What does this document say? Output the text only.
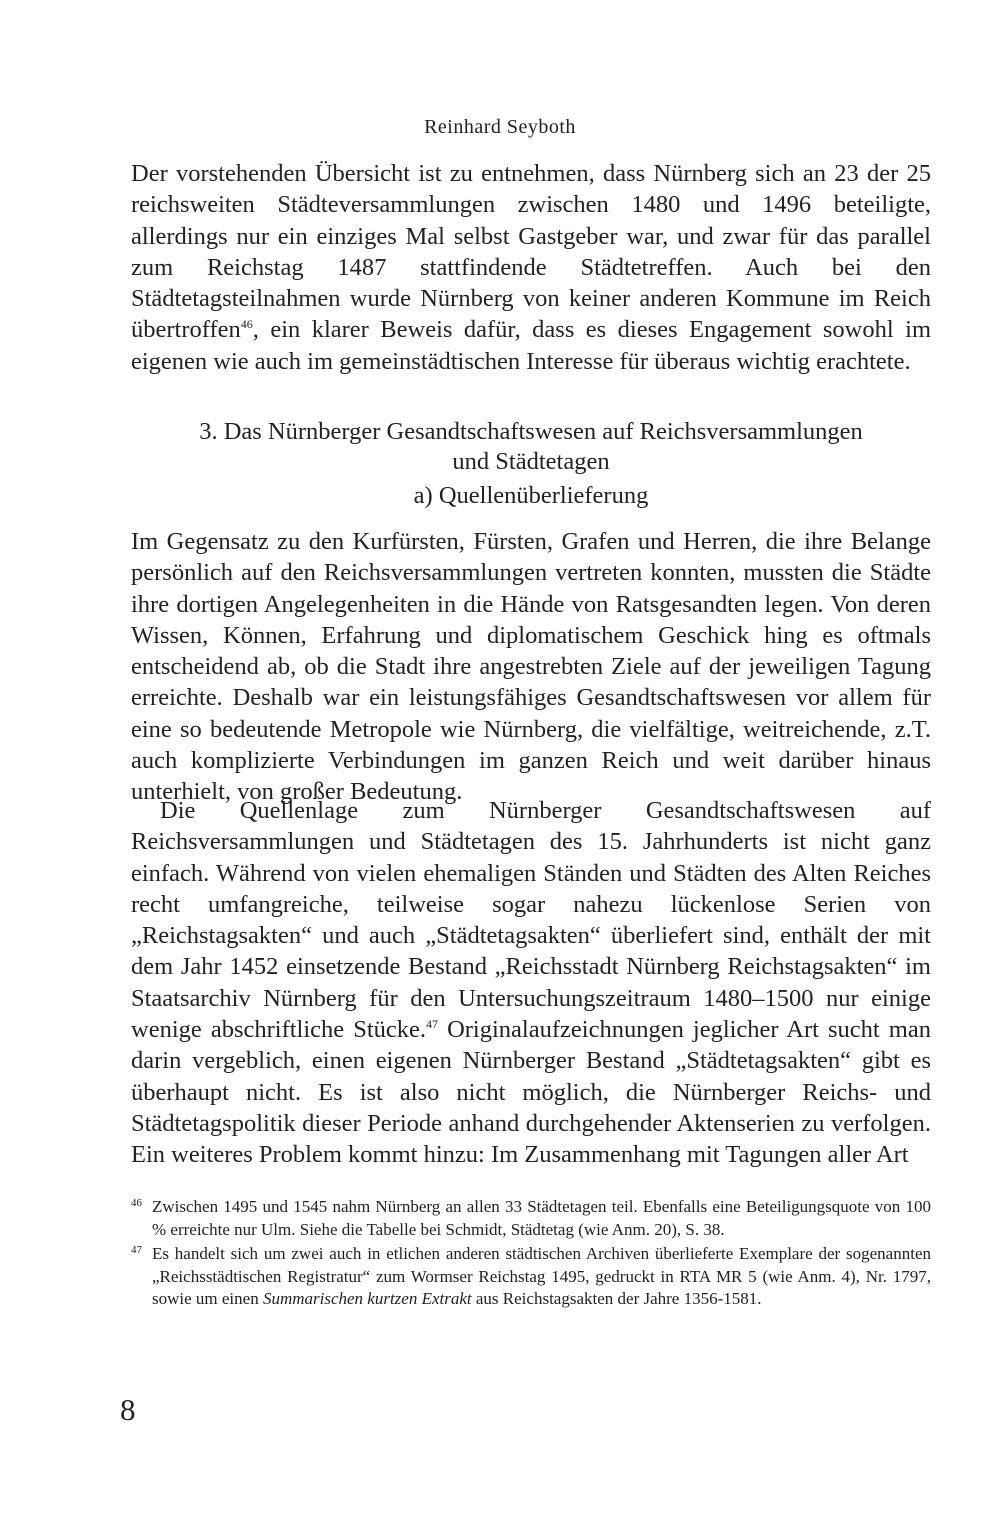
Reinhard Seyboth

Der vorstehenden Übersicht ist zu entnehmen, dass Nürnberg sich an 23 der 25 reichsweiten Städteversammlungen zwischen 1480 und 1496 beteiligte, allerdings nur ein einziges Mal selbst Gastgeber war, und zwar für das parallel zum Reichstag 1487 stattfindende Städtetreffen. Auch bei den Städtetagsteilnahmen wurde Nürnberg von keiner anderen Kommune im Reich übertroffen$^{46}$, ein klarer Beweis dafür, dass es dieses Engagement sowohl im eigenen wie auch im gemeinstädtischen Interesse für überaus wichtig erachtete.

3. Das Nürnberger Gesandtschaftswesen auf Reichsversammlungen
und Städtetagen
a) Quellenüberlieferung

Im Gegensatz zu den Kurfürsten, Fürsten, Grafen und Herren, die ihre Belange persönlich auf den Reichsversammlungen vertreten konnten, mussten die Städte ihre dortigen Angelegenheiten in die Hände von Ratsgesandten legen. Von deren Wissen, Können, Erfahrung und diplomatischem Geschick hing es oftmals entscheidend ab, ob die Stadt ihre angestrebten Ziele auf der jeweiligen Tagung erreichte. Deshalb war ein leistungsfähiges Gesandtschaftswesen vor allem für eine so bedeutende Metropole wie Nürnberg, die vielfältige, weitreichende, z.T. auch komplizierte Verbindungen im ganzen Reich und weit darüber hinaus unterhielt, von großer Bedeutung.

Die Quellenlage zum Nürnberger Gesandtschaftswesen auf Reichsversammlungen und Städtetagen des 15. Jahrhunderts ist nicht ganz einfach. Während von vielen ehemaligen Ständen und Städten des Alten Reiches recht umfangreiche, teilweise sogar nahezu lückenlose Serien von „Reichstagsakten“ und auch „Städtetagsakten“ überliefert sind, enthält der mit dem Jahr 1452 einsetzende Bestand „Reichsstadt Nürnberg Reichstagsakten“ im Staatsarchiv Nürnberg für den Untersuchungszeitraum 1480–1500 nur einige wenige abschriftliche Stücke.$^{47}$ Originalaufzeichnungen jeglicher Art sucht man darin vergeblich, einen eigenen Nürnberger Bestand „Städtetagsakten“ gibt es überhaupt nicht. Es ist also nicht möglich, die Nürnberger Reichs- und Städtetagspolitik dieser Periode anhand durchgehender Aktenserien zu verfolgen. Ein weiteres Problem kommt hinzu: Im Zusammenhang mit Tagungen aller Art

46 Zwischen 1495 und 1545 nahm Nürnberg an allen 33 Städtetagen teil. Ebenfalls eine Beteiligungsquote von 100 % erreichte nur Ulm. Siehe die Tabelle bei Schmidt, Städtetag (wie Anm. 20), S. 38.

47 Es handelt sich um zwei auch in etlichen anderen städtischen Archiven überlieferte Exemplare der sogenannten „Reichsstädtischen Registratur“ zum Wormser Reichstag 1495, gedruckt in RTA MR 5 (wie Anm. 4), Nr. 1797, sowie um einen Summarischen kurtzen Extrakt aus Reichstagsakten der Jahre 1356-1581.

8
